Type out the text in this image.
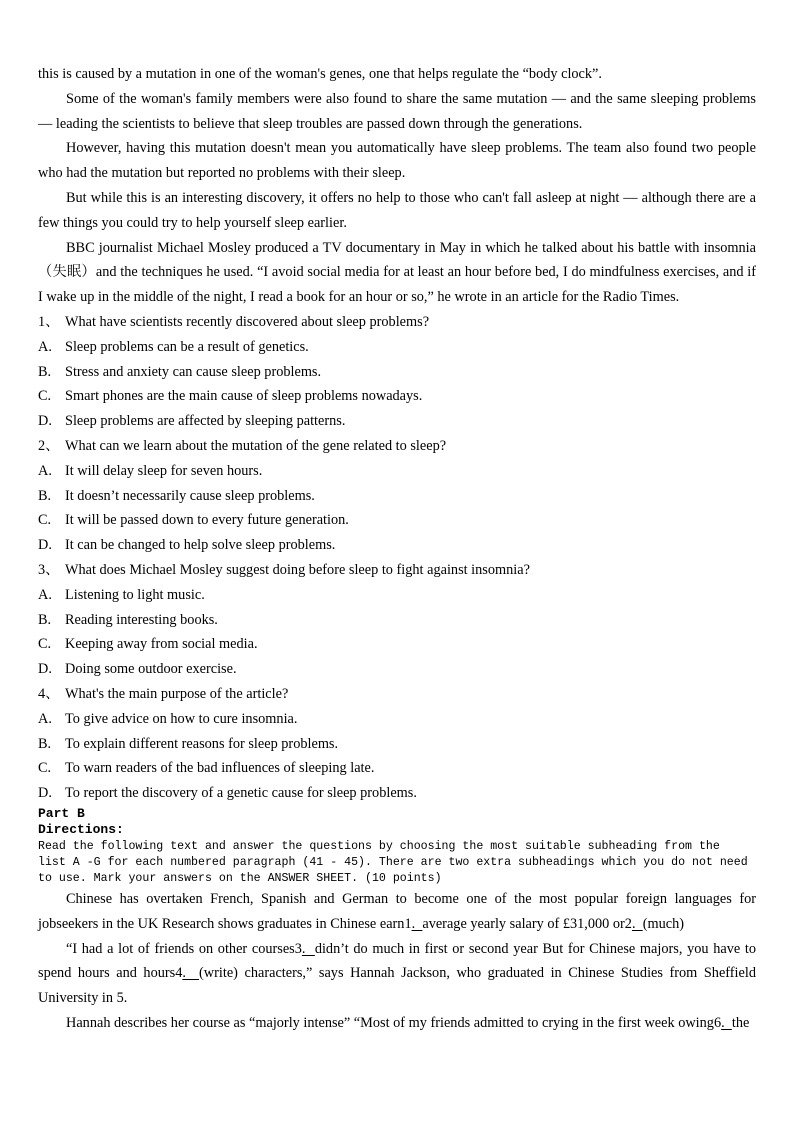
this is caused by a mutation in one of the woman's genes, one that helps regulate the “body clock”.

Some of the woman's family members were also found to share the same mutation — and the same sleeping problems — leading the scientists to believe that sleep troubles are passed down through the generations.

However, having this mutation doesn't mean you automatically have sleep problems. The team also found two people who had the mutation but reported no problems with their sleep.

But while this is an interesting discovery, it offers no help to those who can't fall asleep at night — although there are a few things you could try to help yourself sleep earlier.

BBC journalist Michael Mosley produced a TV documentary in May in which he talked about his battle with insomnia（失眠）and the techniques he used. “I avoid social media for at least an hour before bed, I do mindfulness exercises, and if I wake up in the middle of the night, I read a book for an hour or so,” he wrote in an article for the Radio Times.

1、 What have scientists recently discovered about sleep problems?
A. Sleep problems can be a result of genetics.
B. Stress and anxiety can cause sleep problems.
C. Smart phones are the main cause of sleep problems nowadays.
D. Sleep problems are affected by sleeping patterns.
2、 What can we learn about the mutation of the gene related to sleep?
A. It will delay sleep for seven hours.
B. It doesn’t necessarily cause sleep problems.
C. It will be passed down to every future generation.
D. It can be changed to help solve sleep problems.
3、 What does Michael Mosley suggest doing before sleep to fight against insomnia?
A. Listening to light music.
B. Reading interesting books.
C. Keeping away from social media.
D. Doing some outdoor exercise.
4、 What's the main purpose of the article?
A. To give advice on how to cure insomnia.
B. To explain different reasons for sleep problems.
C. To warn readers of the bad influences of sleeping late.
D. To report the discovery of a genetic cause for sleep problems.
Part B
Directions:
Read the following text and answer the questions by choosing the most suitable subheading from the
list A -G for each numbered paragraph (41 - 45). There are two extra subheadings which you do not need
to use. Mark your answers on the ANSWER SHEET. (10 points)

Chinese has overtaken French, Spanish and German to become one of the most popular foreign languages for jobseekers in the UK Research shows graduates in Chinese earn1.  average yearly salary of £31,000 or2.  (much)

“I had a lot of friends on other courses3.  didn’t do much in first or second year But for Chinese majors, you have to spend hours and hours4.  (write) characters,” says Hannah Jackson, who graduated in Chinese Studies from Sheffield University in 5.

Hannah describes her course as “majorly intense” “Most of my friends admitted to crying in the first week owing6.  the
